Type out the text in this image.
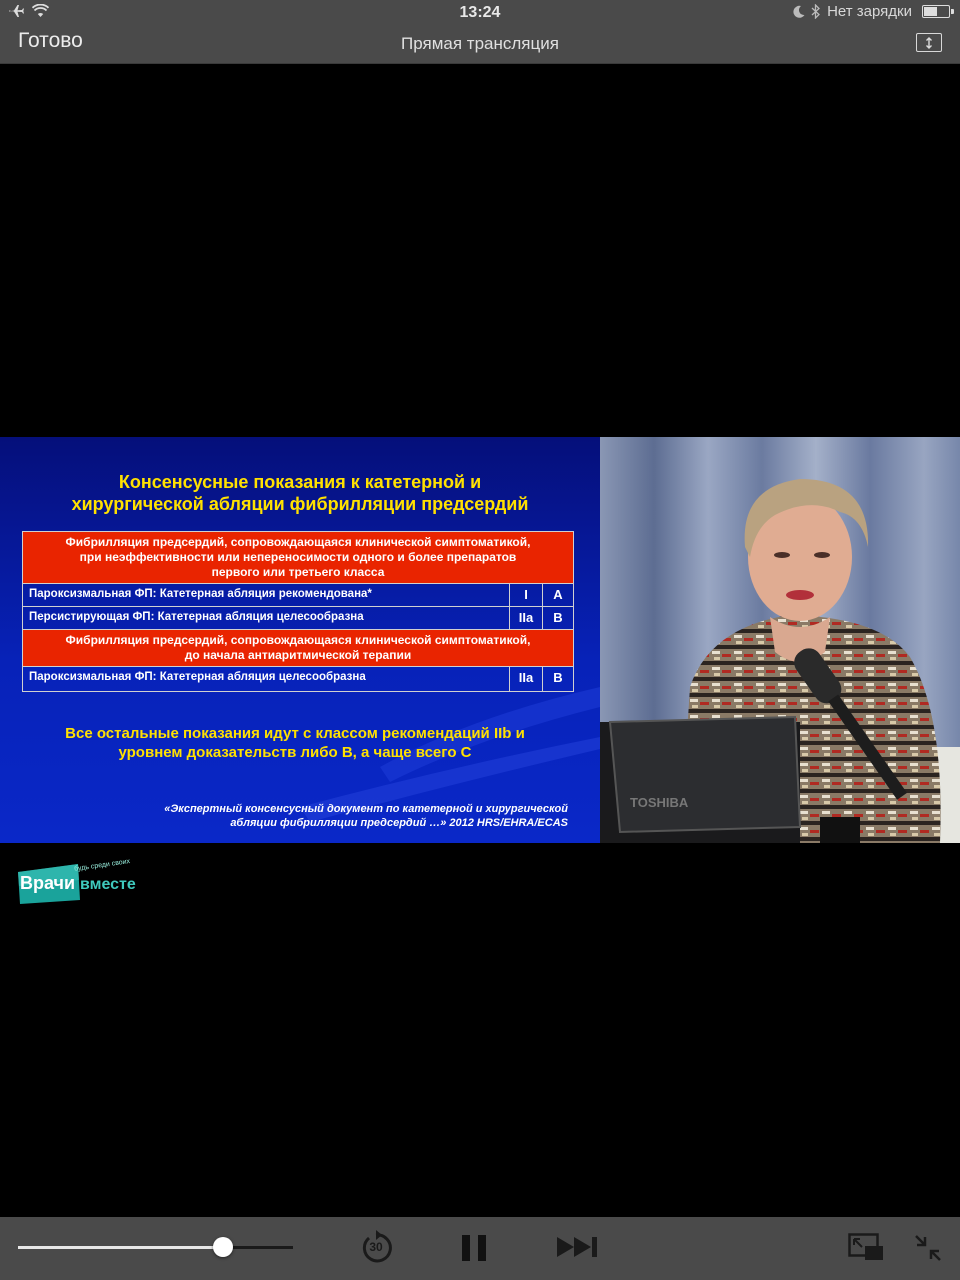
13:24	Нет зарядки
Готово	Прямая трансляция
Консенсусные показания к катетерной и
хирургической абляции фибрилляции предсердий
Фибрилляция предсердий, сопровождающаяся клинической симптоматикой,
при неэффективности или непереносимости одного и более препаратов
первого или третьего класса
Пароксизмальная ФП: Катетерная абляция рекомендована*	I	A
Персистирующая ФП: Катетерная абляция целесообразна	IIa	B
Фибрилляция предсердий, сопровождающаяся клинической симптоматикой,
до начала антиаритмической терапии
Пароксизмальная ФП: Катетерная абляция целесообразна	IIa	B
Все остальные показания идут с классом рекомендаций IIb и
уровнем доказательств либо В, а чаще всего С
«Экспертный консенсусный документ по катетерной и хирургической
абляции фибрилляции предсердий …» 2012 HRS/EHRA/ECAS
TOSHIBA
Врачи вместе
будь среди своих
30
